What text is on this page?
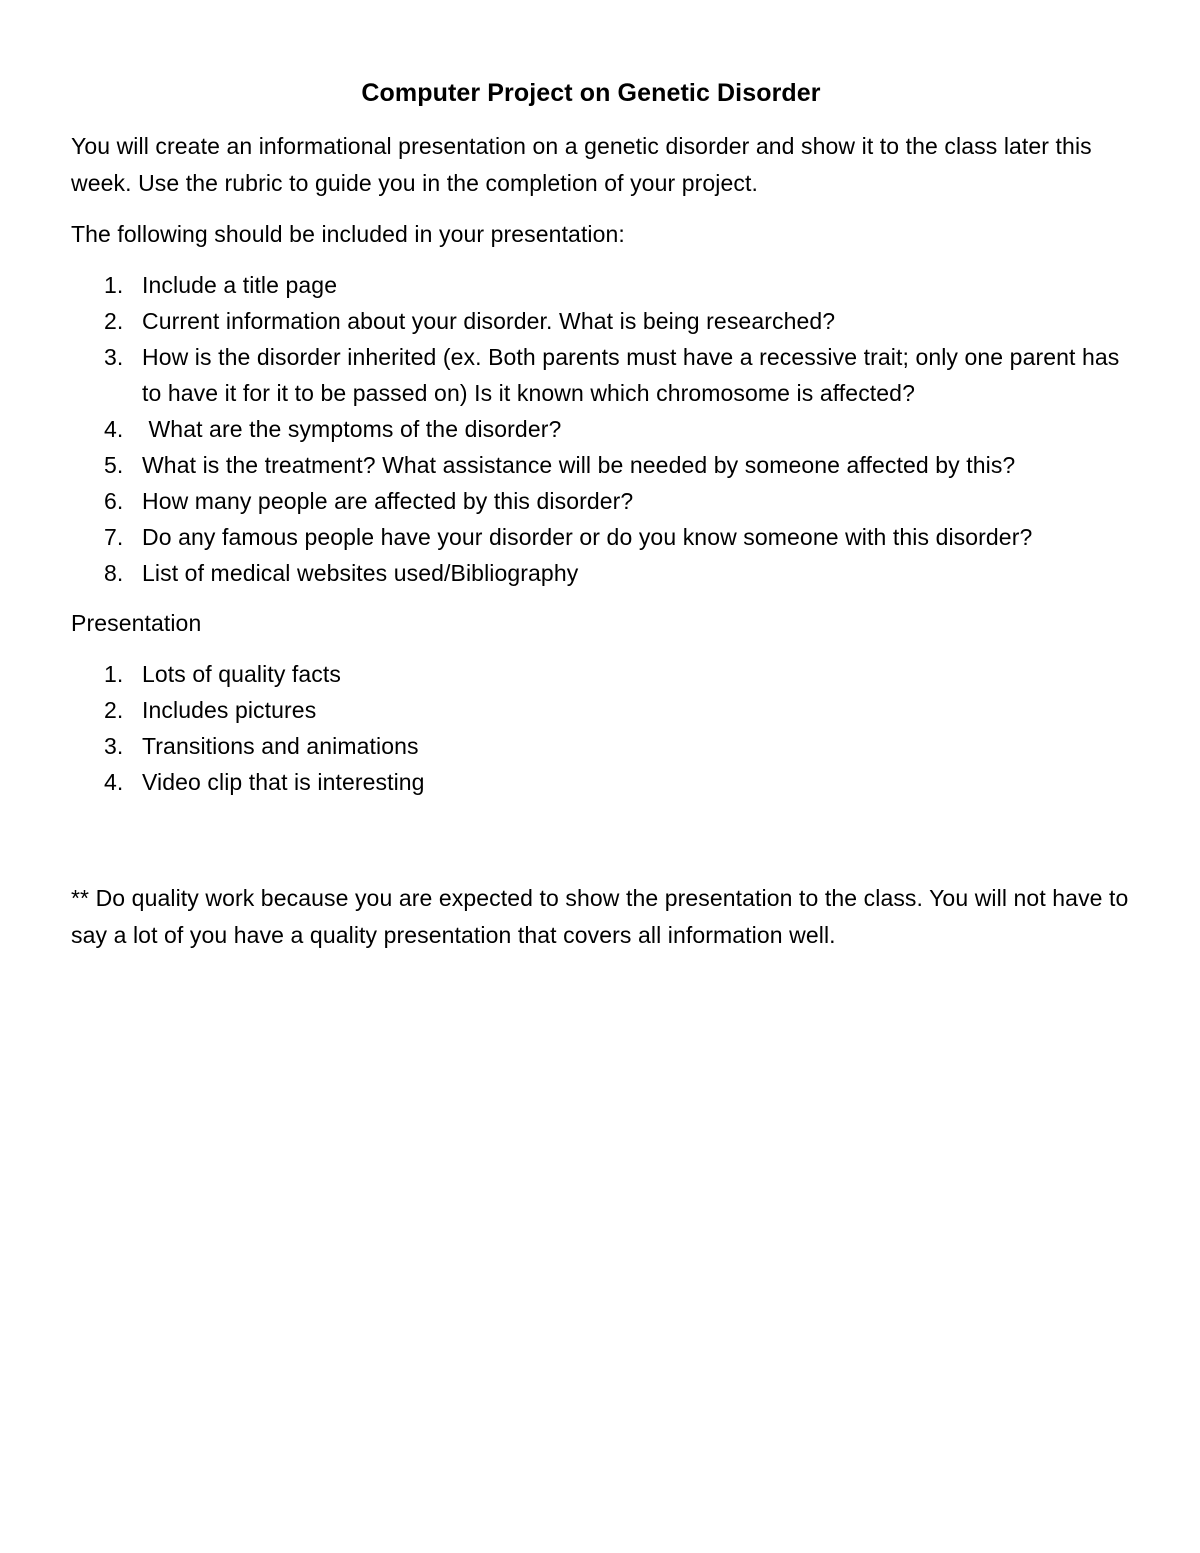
Computer Project on Genetic Disorder

You will create an informational presentation on a genetic disorder and show it to the class later this week. Use the rubric to guide you in the completion of your project.

The following should be included in your presentation:

1. Include a title page
2. Current information about your disorder. What is being researched?
3. How is the disorder inherited (ex. Both parents must have a recessive trait; only one parent has to have it for it to be passed on) Is it known which chromosome is affected?
4. What are the symptoms of the disorder?
5. What is the treatment? What assistance will be needed by someone affected by this?
6. How many people are affected by this disorder?
7. Do any famous people have your disorder or do you know someone with this disorder?
8. List of medical websites used/Bibliography

Presentation

1. Lots of quality facts
2. Includes pictures
3. Transitions and animations
4. Video clip that is interesting

** Do quality work because you are expected to show the presentation to the class. You will not have to say a lot of you have a quality presentation that covers all information well.
